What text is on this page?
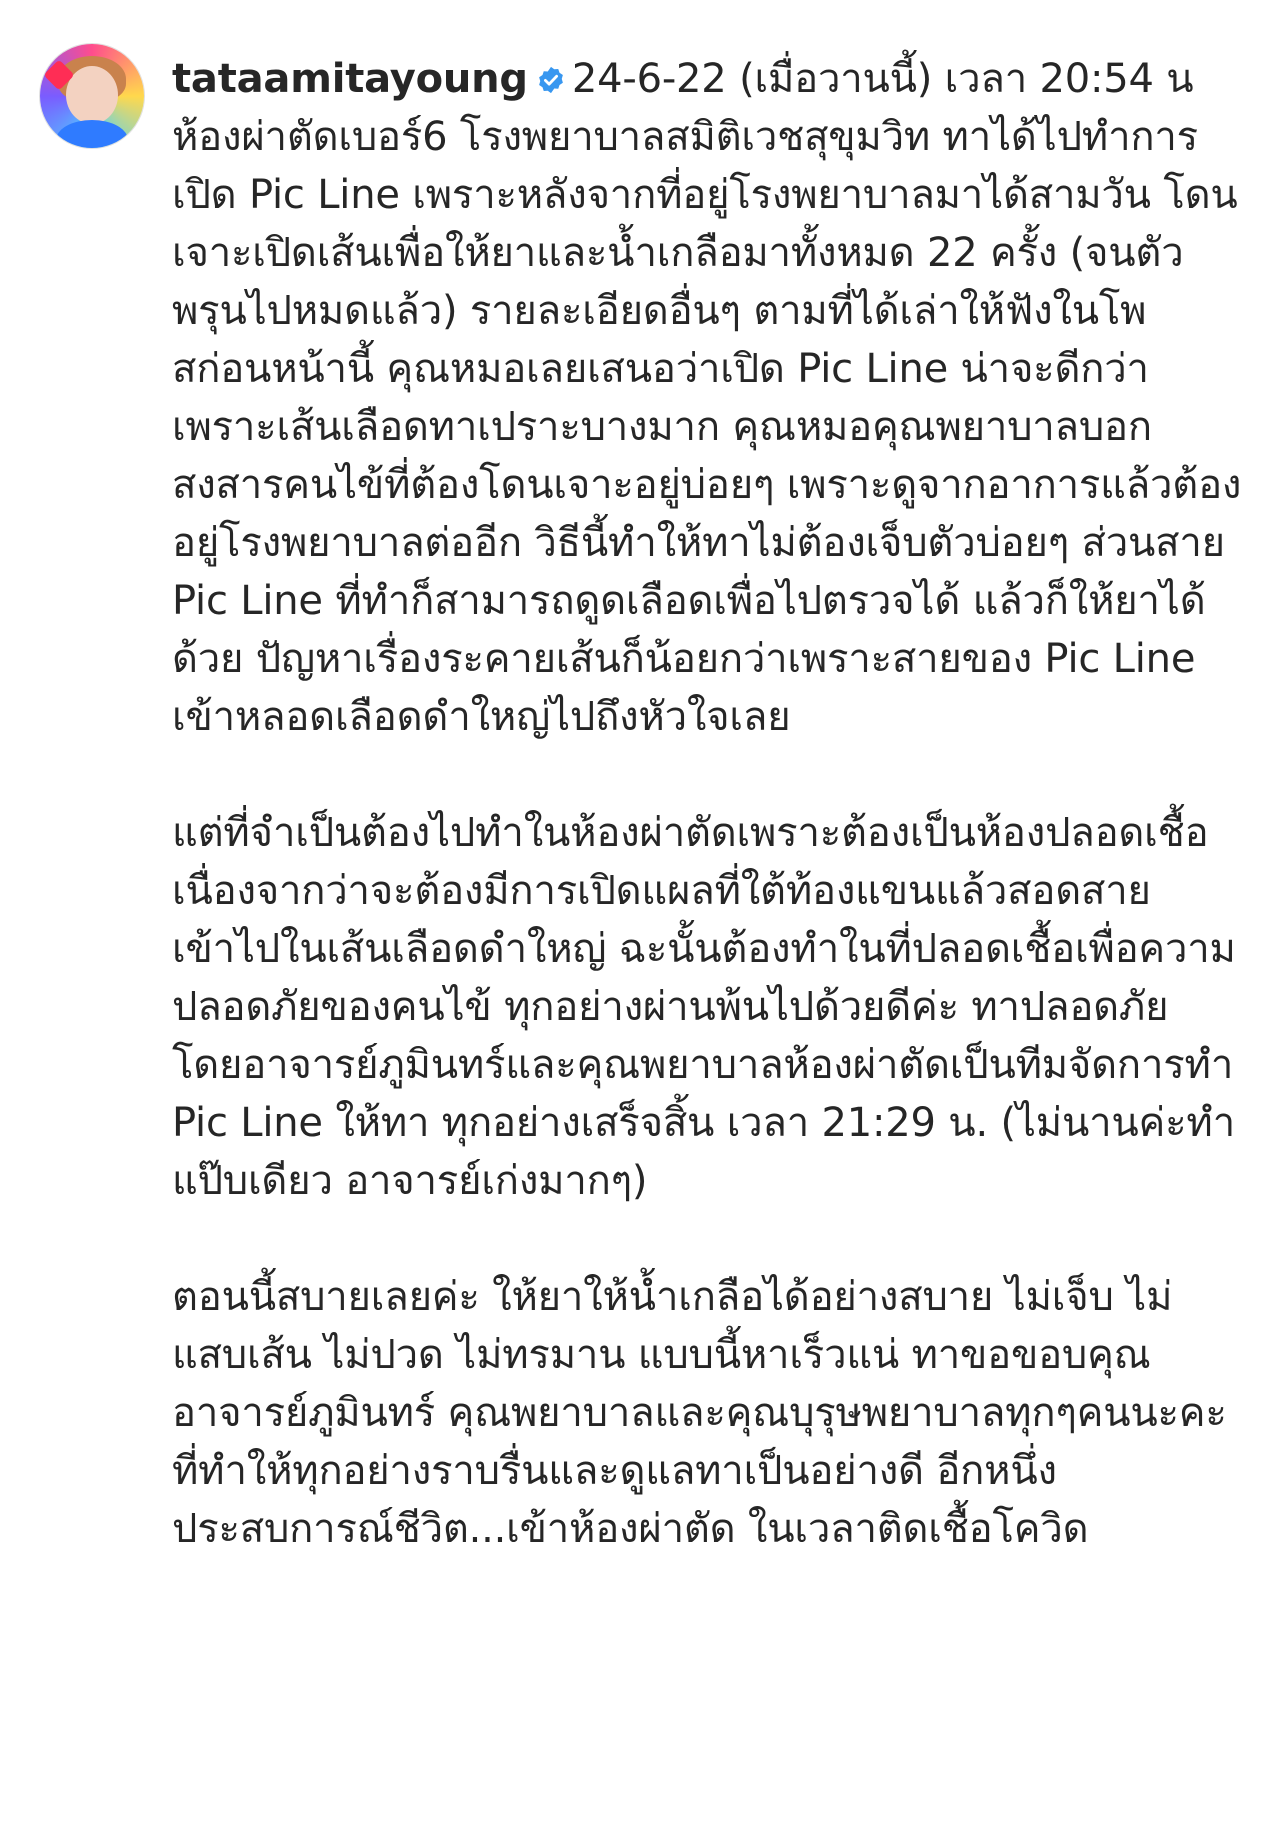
tataamitayoung 24-6-22 (เมื่อวานนี้) เวลา 20:54 น ห้องผ่าตัดเบอร์6 โรงพยาบาลสมิติเวชสุขุมวิท ทาได้ไปทำการเปิด Pic Line เพราะหลังจากที่อยู่โรงพยาบาลมาได้สามวัน โดนเจาะเปิดเส้นเพื่อให้ยาและน้ำเกลือมาทั้งหมด 22 ครั้ง (จนตัวพรุนไปหมดแล้ว) รายละเอียดอื่นๆ ตามที่ได้เล่าให้ฟังในโพสก่อนหน้านี้ คุณหมอเลยเสนอว่าเปิด Pic Line น่าจะดีกว่าเพราะเส้นเลือดทาเปราะบางมาก คุณหมอคุณพยาบาลบอกสงสารคนไข้ที่ต้องโดนเจาะอยู่บ่อยๆ เพราะดูจากอาการแล้วต้องอยู่โรงพยาบาลต่ออีก วิธีนี้ทำให้ทาไม่ต้องเจ็บตัวบ่อยๆ ส่วนสาย Pic Line ที่ทำก็สามารถดูดเลือดเพื่อไปตรวจได้ แล้วก็ให้ยาได้ด้วย ปัญหาเรื่องระคายเส้นก็น้อยกว่าเพราะสายของ Pic Line เข้าหลอดเลือดดำใหญ่ไปถึงหัวใจเลย

แต่ที่จำเป็นต้องไปทำในห้องผ่าตัดเพราะต้องเป็นห้องปลอดเชื้อเนื่องจากว่าจะต้องมีการเปิดแผลที่ใต้ท้องแขนแล้วสอดสายเข้าไปในเส้นเลือดดำใหญ่ ฉะนั้นต้องทำในที่ปลอดเชื้อเพื่อความปลอดภัยของคนไข้ ทุกอย่างผ่านพ้นไปด้วยดีค่ะ ทาปลอดภัย โดยอาจารย์ภูมินทร์และคุณพยาบาลห้องผ่าตัดเป็นทีมจัดการทำ Pic Line ให้ทา ทุกอย่างเสร็จสิ้น เวลา 21:29 น. (ไม่นานค่ะทำแป๊บเดียว อาจารย์เก่งมากๆ)

ตอนนี้สบายเลยค่ะ ให้ยาให้น้ำเกลือได้อย่างสบาย ไม่เจ็บ ไม่แสบเส้น ไม่ปวด ไม่ทรมาน แบบนี้หาเร็วแน่ ทาขอขอบคุณอาจารย์ภูมินทร์ คุณพยาบาลและคุณบุรุษพยาบาลทุกๆคนนะคะ ที่ทำให้ทุกอย่างราบรื่นและดูแลทาเป็นอย่างดี อีกหนึ่งประสบการณ์ชีวิต...เข้าห้องผ่าตัด ในเวลาติดเชื้อโควิด
